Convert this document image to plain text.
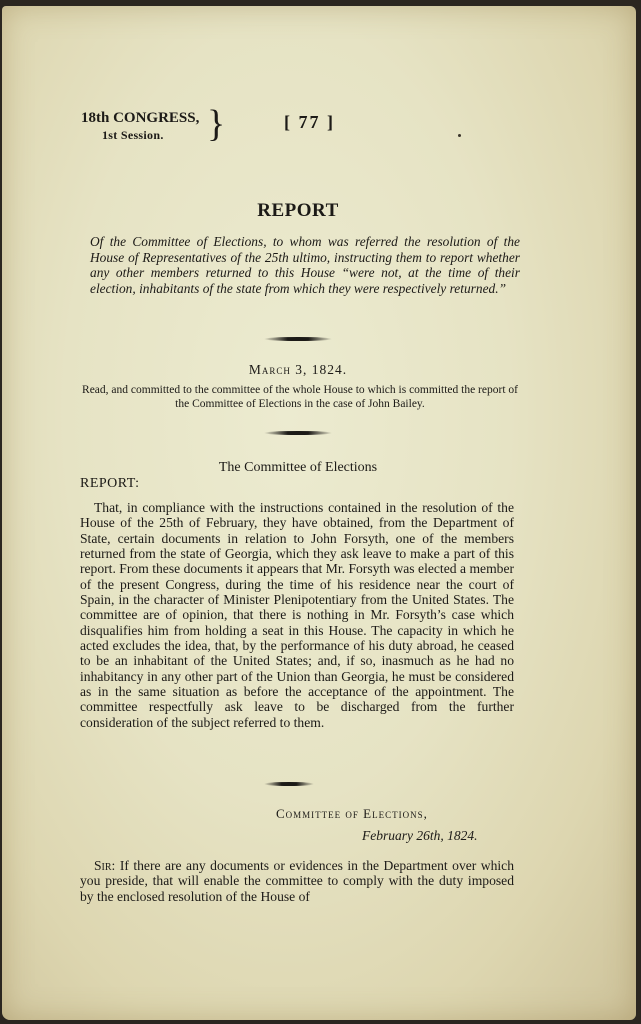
18th CONGRESS,
1st Session. }	[ 77 ]
REPORT
Of the Committee of Elections, to whom was referred the resolution of the House of Representatives of the 25th ultimo, instructing them to report whether any other members returned to this House “were not, at the time of their election, inhabitants of the state from which they were respectively returned.”
March 3, 1824.
Read, and committed to the committee of the whole House to which is committed the report of the Committee of Elections in the case of John Bailey.
The Committee of Elections
REPORT:
That, in compliance with the instructions contained in the resolution of the House of the 25th of February, they have obtained, from the Department of State, certain documents in relation to John Forsyth, one of the members returned from the state of Georgia, which they ask leave to make a part of this report. From these documents it appears that Mr. Forsyth was elected a member of the present Congress, during the time of his residence near the court of Spain, in the character of Minister Plenipotentiary from the United States. The committee are of opinion, that there is nothing in Mr. Forsyth’s case which disqualifies him from holding a seat in this House. The capacity in which he acted excludes the idea, that, by the performance of his duty abroad, he ceased to be an inhabitant of the United States; and, if so, inasmuch as he had no inhabitancy in any other part of the Union than Georgia, he must be considered as in the same situation as before the acceptance of the appointment. The committee respectfully ask leave to be discharged from the further consideration of the subject referred to them.
Committee of Elections,
February 26th, 1824.
Sir: If there are any documents or evidences in the Department over which you preside, that will enable the committee to comply with the duty imposed by the enclosed resolution of the House of
